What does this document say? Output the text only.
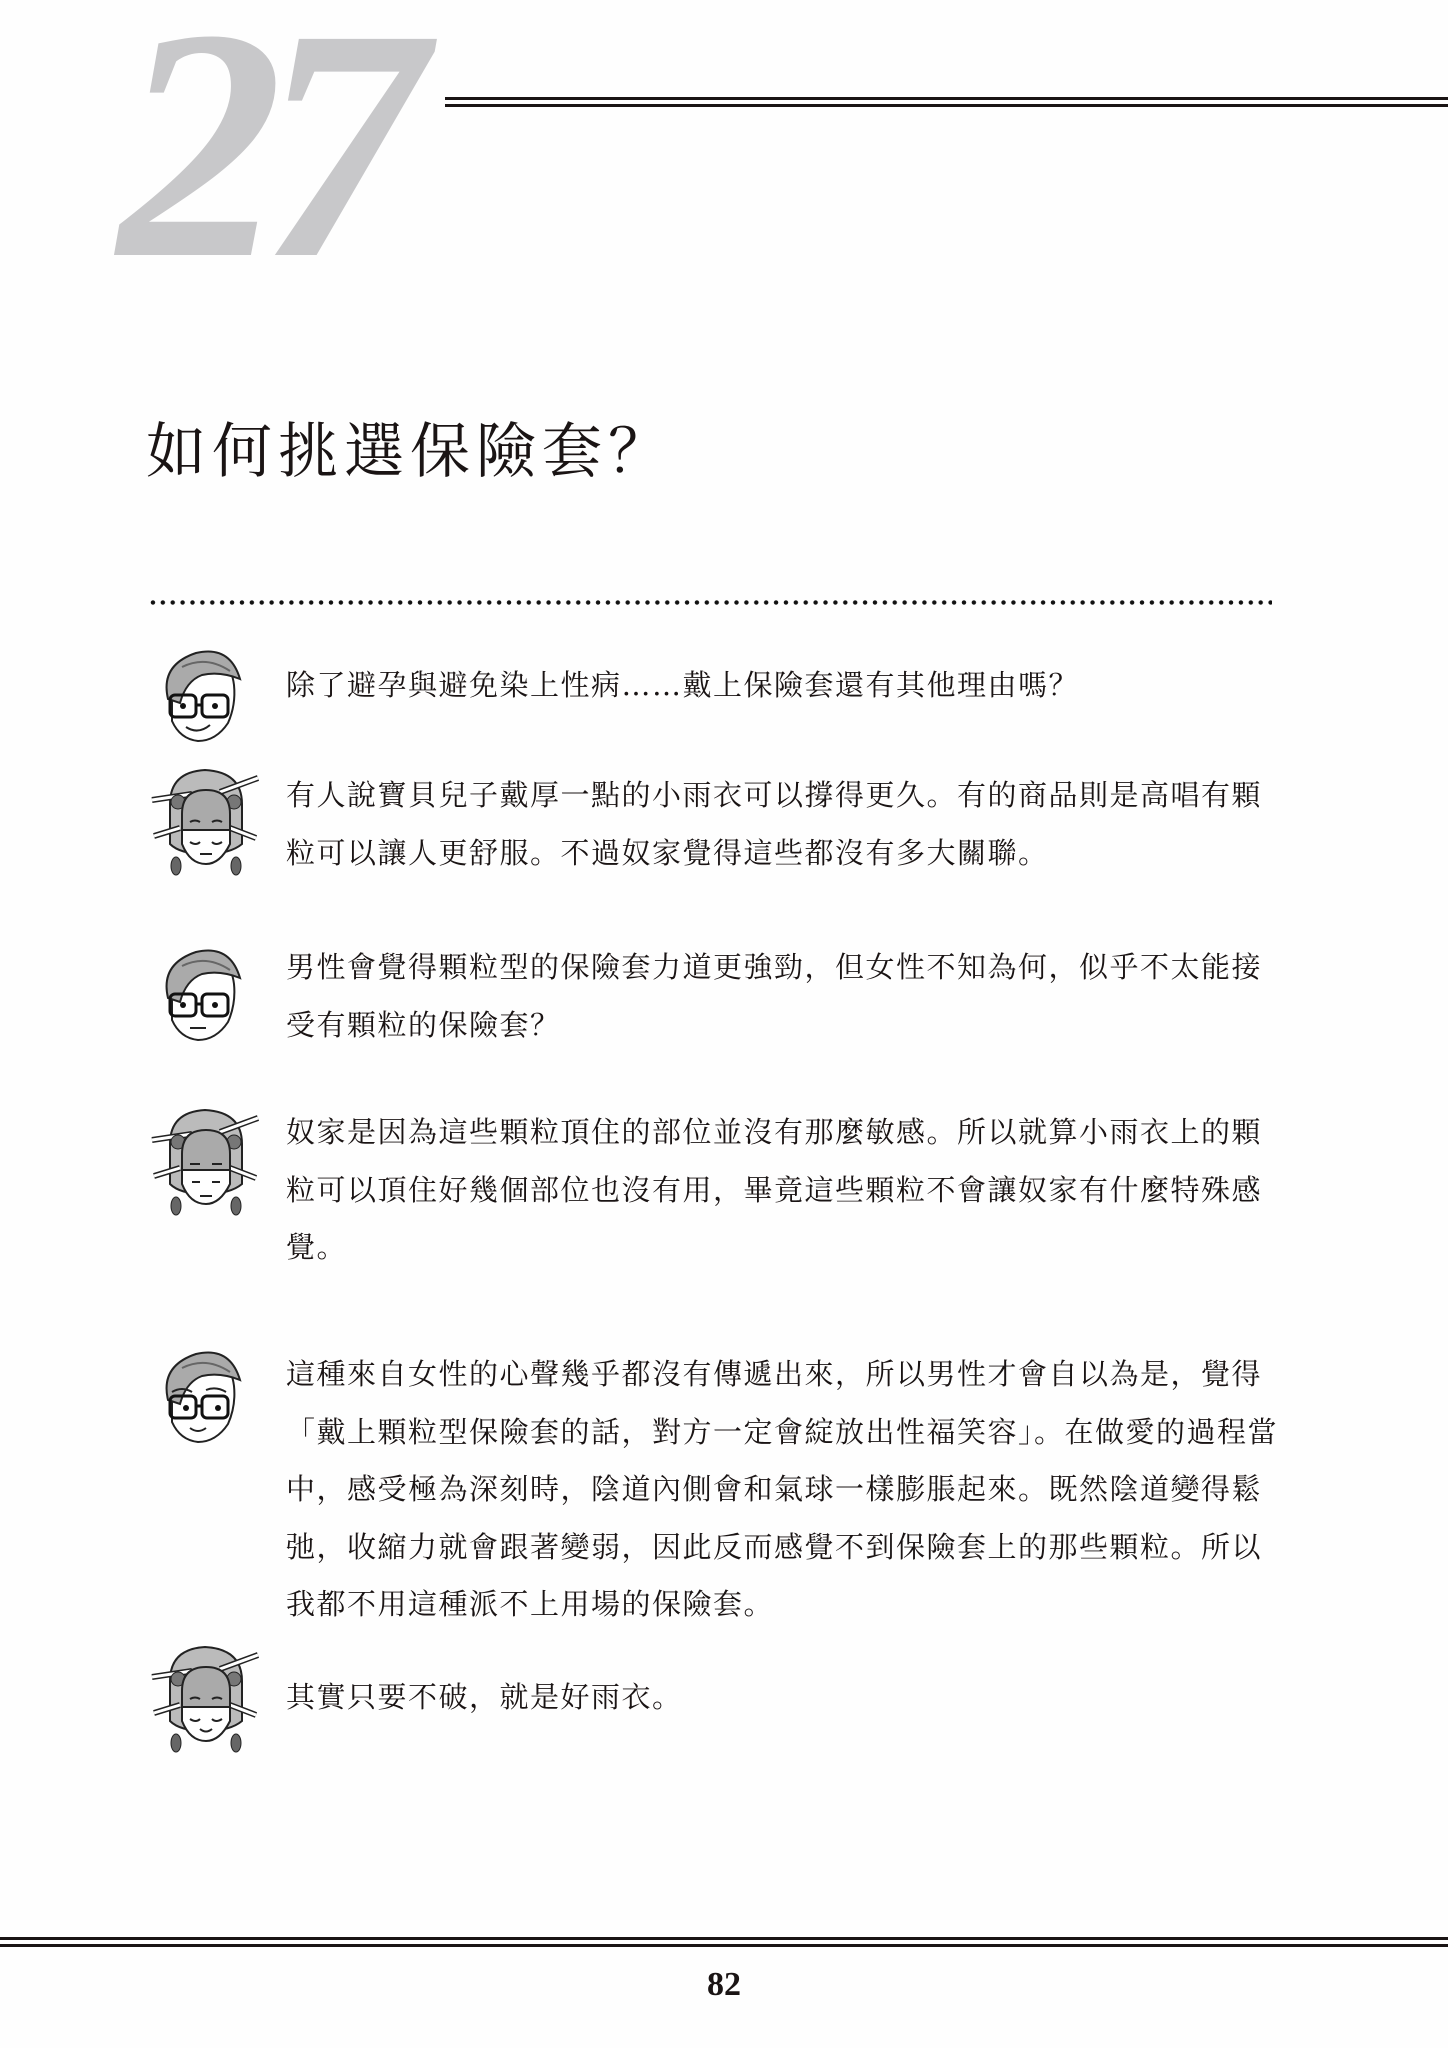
27
如何挑選保險套？

除了避孕與避免染上性病……戴上保險套還有其他理由嗎？

有人說寶貝兒子戴厚一點的小雨衣可以撐得更久。有的商品則是高唱有顆粒可以讓人更舒服。不過奴家覺得這些都沒有多大關聯。

男性會覺得顆粒型的保險套力道更強勁，但女性不知為何，似乎不太能接受有顆粒的保險套？

奴家是因為這些顆粒頂住的部位並沒有那麼敏感。所以就算小雨衣上的顆粒可以頂住好幾個部位也沒有用，畢竟這些顆粒不會讓奴家有什麼特殊感覺。

這種來自女性的心聲幾乎都沒有傳遞出來，所以男性才會自以為是，覺得「戴上顆粒型保險套的話，對方一定會綻放出性福笑容」。在做愛的過程當中，感受極為深刻時，陰道內側會和氣球一樣膨脹起來。既然陰道變得鬆弛，收縮力就會跟著變弱，因此反而感覺不到保險套上的那些顆粒。所以我都不用這種派不上用場的保險套。

其實只要不破，就是好雨衣。

82
